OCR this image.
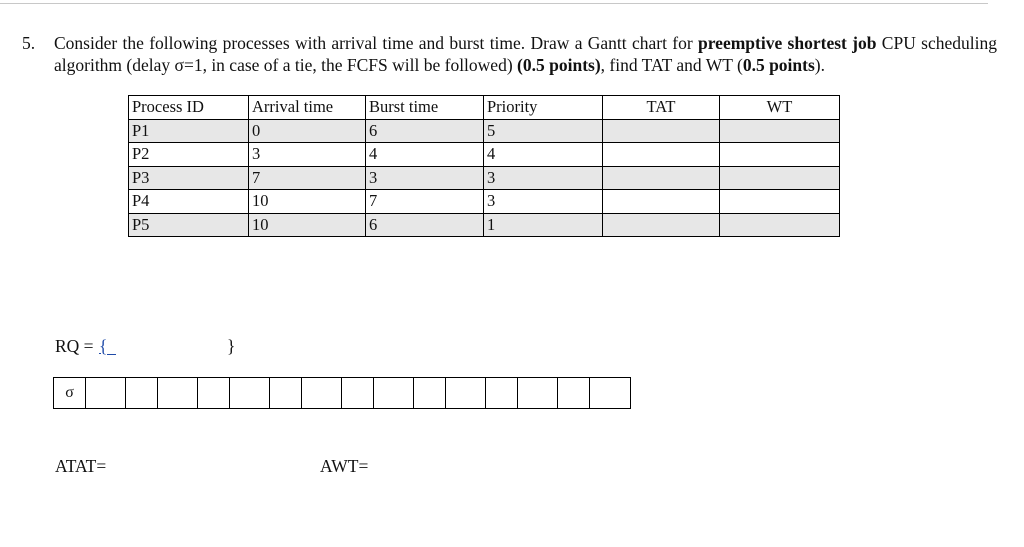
5. Consider the following processes with arrival time and burst time. Draw a Gantt chart for preemptive shortest job CPU scheduling algorithm (delay σ=1, in case of a tie, the FCFS will be followed) (0.5 points), find TAT and WT (0.5 points).
Process ID	Arrival time	Burst time	Priority	TAT	WT
P1	0	6	5		
P2	3	4	4		
P3	7	3	3		
P4	10	7	3		
P5	10	6	1		
RQ = {	}
σ
ATAT=	AWT=
